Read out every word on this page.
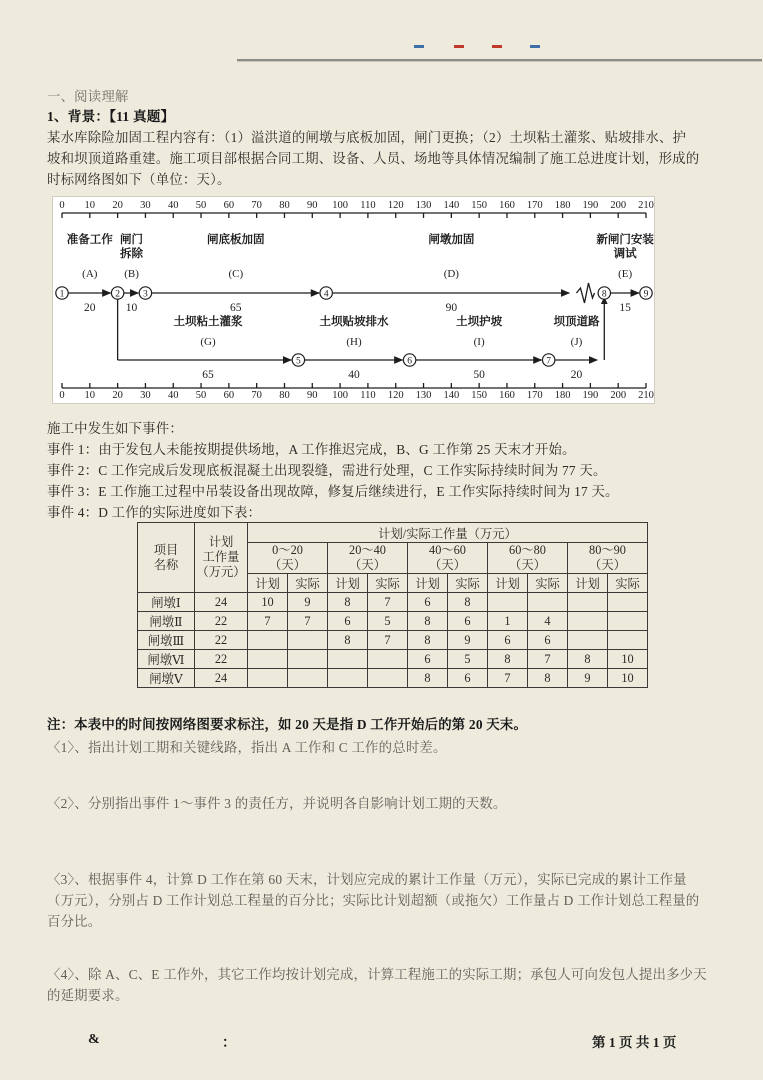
一、阅读理解
1、背景：【11 真题】
某水库除险加固工程内容有：（1）溢洪道的闸墩与底板加固，闸门更换；（2）土坝粘土灌浆、贴坡排水、护
坡和坝顶道路重建。施工项目部根据合同工期、设备、人员、场地等具体情况编制了施工总进度计划，形成的
时标网络图如下（单位：天）。
0 10 20 30 40 50 60 70 80 90 100 110 120 130 140 150 160 170 180 190 200 210
0 10 20 30 40 50 60 70 80 90 100 110 120 130 140 150 160 170 180 190 200 210
准备工作
(A)
20
闸门
拆除
(B)
10
闸底板加固
(C)
65
闸墩加固
(D)
90
新闸门安装
调试
(E)
15
土坝粘土灌浆
(G)
65
土坝贴坡排水
(H)
40
土坝护坡
(I)
50
坝顶道路
(J)
20
1	2 3	4	8	9
5	6	7
施工中发生如下事件：
事件 1：由于发包人未能按期提供场地，A 工作推迟完成，B、G 工作第 25 天末才开始。
事件 2：C 工作完成后发现底板混凝土出现裂缝，需进行处理，C 工作实际持续时间为 77 天。
事件 3：E 工作施工过程中吊装设备出现故障，修复后继续进行，E 工作实际持续时间为 17 天。
事件 4：D 工作的实际进度如下表：
项目
名称

计划
工作量
（万元）
	计划/实际工作量（万元）

0～20
（天）

20～40
（天）

40～60
（天）

60～80
（天）

80～90
（天）

		计划	实际	计划	实际	计划	实际	计划	实际	计划	实际
闸墩Ⅰ	24	10	9	8	7	6	8				
闸墩Ⅱ	22	7	7	6	5	8	6	1	4		
闸墩Ⅲ	22			8	7	8	9	6	6		
闸墩Ⅵ	22					6	5	8	7	8	10
闸墩Ⅴ	24					8	6	7	8	9	10
注：本表中的时间按网络图要求标注，如 20 天是指 D 工作开始后的第 20 天末。
〈1〉、指出计划工期和关键线路，指出 A 工作和 C 工作的总时差。
〈2〉、分别指出事件 1～事件 3 的责任方，并说明各自影响计划工期的天数。
〈3〉、根据事件 4，计算 D 工作在第 60 天末，计划应完成的累计工作量（万元），实际已完成的累计工作量
（万元），分别占 D 工作计划总工程量的百分比；实际比计划超额（或拖欠）工作量占 D 工作计划总工程量的
百分比。
〈4〉、除 A、C、E 工作外，其它工作均按计划完成，计算工程施工的实际工期；承包人可向发包人提出多少天
的延期要求。
&	：	第 1 页 共 1 页
